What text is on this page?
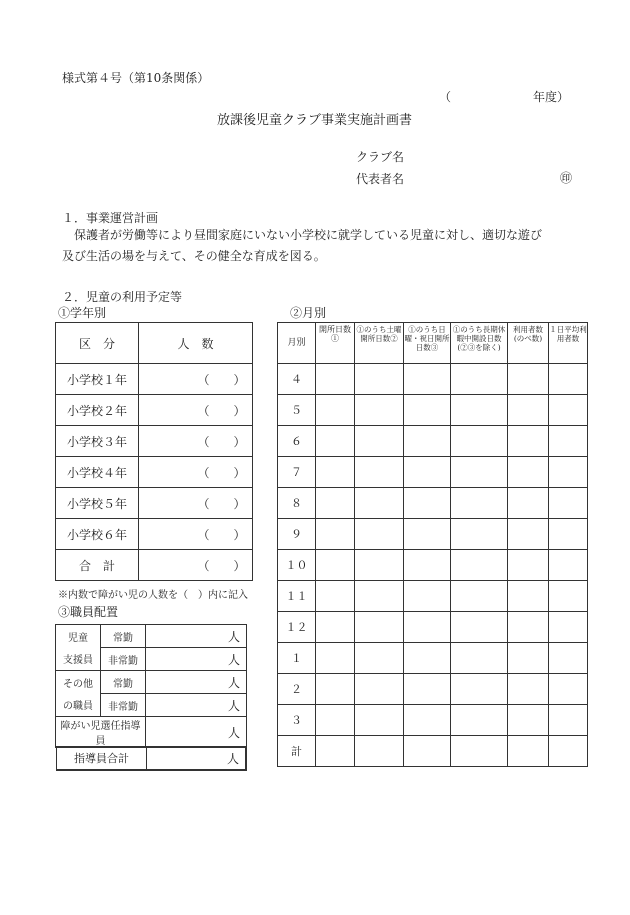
様式第４号（第10条関係）
（	年度）
放課後児童クラブ事業実施計画書
クラブ名
代表者名	㊞
１．事業運営計画
保護者が労働等により昼間家庭にいない小学校に就学している児童に対し、適切な遊び
及び生活の場を与えて、その健全な育成を図る。
２．児童の利用予定等
①学年別	②月別
区　分	人　数
小学校１年	（　　）
小学校２年	（　　）
小学校３年	（　　）
小学校４年	（　　）
小学校５年	（　　）
小学校６年	（　　）
合　計	（　　）
※内数で障がい児の人数を（　）内に記入
③職員配置
児童	常勤	人
支援員	非常勤	人
その他	常勤	人
の職員	非常勤	人
障がい児選任指導員		人
指導員合計	人
月別	開所日数①	①のうち土曜開所日数②	①のうち日曜・祝日開所日数③	①のうち長期休暇中開設日数(②③を除く)	利用者数(のべ数)	１日平均利用者数
４						
５						
６						
７						
８						
９						
１０						
１１						
１２						
１						
２						
３						
計						
